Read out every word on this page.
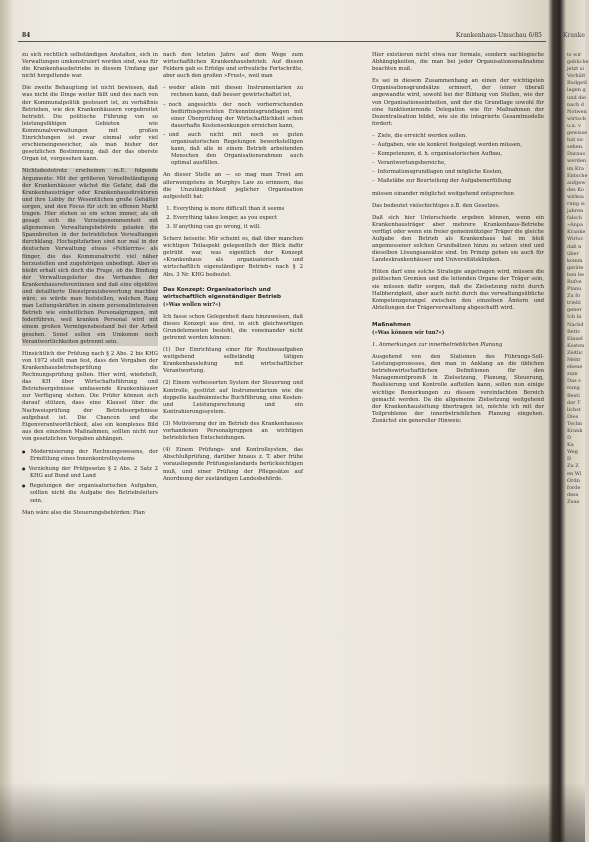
84	Krankenhaus-Umschau 6/85	Kranke

zu sich rechtlich selbständigen Anstalten, sich in Verwaltungen umkonstruiert worden sind, was für die Krankenhausbetriebe in diesem Umfang gar nicht hergeltende war.

Die zweite Behauptung ist nicht bewiesen, daß was nicht die Dinge weiter fällt und des nach von der Kommunalpolitik gesteuert ist, zu verhältnis Betrieben, wie den Krankenhäusern vorgebreitet betriebt. Die politische Führung von so leistungsfähigen Gebieten wie Kommunalverwaltungen mit großen Einrichtungen ist zwar einmal sehr viel erschieneingeweicher, als man bisher der gesetzlichen Bestimmung, daß der das oberste Organ ist, vorgesehen kann.

Nichtsdestotrotz erscheinen m.E. folgende Argumente: Mit der größeren Verselbständigung der Krankenhäuser wächst die Gefahr, daß die Krankenhausträger oder Krankenhausdirektoren und ihre Lobby ihr Wesentlichen große Gehälter sorgen, und den Focus für sich im offenen Markt tragen. Hier stehen so ein schon immer, als ob gesagt sich die Vorzeigenommenheit mit allgemeinen Verwaltungsbehörde geladen die Spannbreiten in der betrieblichen Verwaltungen durchklang. Hochspitzfarben sind nur mal in der deutschen Verwaltung etwas »Fehlerrns« als fünger, die das Kommunalrecht viel näher herzustellen und zugehörigen unbedingt. Aber es bleibt erhalt sich doch die Frage, ob die Bindung der Verwaltungsleiter des Verbandes der Krankenhausreferentinnen und daß eine objektive und detaillierte Dienstpraxisbewertung machbar wäre; so würde man feststellen, welchen Rang man Leitungskräften in einem personalintensiven Betrieb wie einheitlichen Personalgruppen, mit federführen, weil kranken Personal wird mit einem großen Vermögensbestand bei der Arbeit gesehen. Sonst sollen ein Umkomm noch Verantwortlichkeiten getrennt sein.

Hinsichtlich der Prüfung nach § 2 Abs. 2 bis KHG von 1972 stellt man fest, dass den Vorgaben der Krankenhausbetriebsprüfung die Rechnungsprüfung gelten. Hier wird, wiedeholt, das KH über Wirtschaftsführung und Betriebsergebnisse umfassende Krankenhäuser zur Verfügung stehen. Die Prüfer können sich darauf stützen, dass eine Klausel über die Nachweisprüfung der Betriebsergebnisse aufgebaut ist. Die Chancen und die Eigenverantwortlichkeit, also ein komplexes Bild aus den einzelnen Maßnahmen, sollten nicht nur von gesetzlichen Vorgaben abhängen.

● Modernisierung der Rechnungswesens, der Ermittlung eines Innenkontrollsystems
● Vorziehung der Prüfgesetze § 2 Abs. 2 Satz 2 KHG auf Bund und Land
● Regelungen der organisatorischen Aufgaben, sollten nicht die Aufgabe des Betriebsleiters sein.

Man wäre also die Steuerungsbehörden: Plan

nach den letzten Jahre auf dem Wege zum wirtschaftlichen Krankenhausbetrieb. Auf diesen Feldern gab es Erfolge und erfreuliche Fortschritte, aber auch den großen »Frust«, weil man

– weder allein mit diesen Instrumentarien zu rechnen kann, daß besser gewirtschaftet ist,
– noch angesichts der noch vorherrschenden bedürfnisgerechten Erkenntnisgrundlagen mit einer Überprüfung der Wirtschaftlichkeit schon dauerhafte Kostensenkungen erreichen kann,
– und auch nicht mit noch so guten organisatorischen Regelungen bewerkstelligen kann, daß alle in einem Betrieb arbeitenden Menschen den Organisationsrahmen auch optimal ausfüllen.

An dieser Stelle an — so mag man Trost am allerwenigstens in Murphys Law zu erinnern, das die Unzulänglichkeit jeglicher Organisation aufgestellt hat:

1. Everything is more difficult than it seems
2. Everything takes longer, as you expect
3. If anything can go wrong, it will.

Scherz beiseite: Mir scheint es, daß über manchen wichtigen Teilaspekt gelegentlich der Blick dafür getrübt war, was eigentlich der Konzept »Krankenhaus als organisatorisch und wirtschaftlich eigenständiger Betrieb« nach § 2 Abs. 3 Nr. KHG bedeutet.

Das Konzept: Organisatorisch und wirtschaftlich eigenständiger Betrieb

(»Was wollen wir?«)

Ich fasse schon Gelegenheit dazu hinzuweisen, daß dieses Konzept aus drei, in sich gleichwertigen Grundelementen besteht, die voneinander nicht getrennt werden können:

(1) Der Einrichtung einer für Routineaufgaben weitgehend selbständig tätigen Krankenhausleitung mit wirtschaftlicher Verantwortung.

(2) Einem verbesserten System der Steuerung und Kontrolle, gestützt auf Instrumentarium wie die doppelte kaufmännische Buchführung, eine Kosten- und Leistungsrechnung und ein Kontrahierungssystem.

(3) Motivierung der im Betrieb des Krankenhauses vorhandenen Personalgruppen an wichtigen betrieblichen Entscheidungen.

(4) Einem Prüfungs- und Kontrollsystem, das Abschlußprüfung, darüber hinaus z. T. aber frühe vorausliegende Prüfungsstandards berücksichtigen muß, und einer Prüfung der Pflegesätze auf Anordnung der zuständigen Landesbehörde.

Hier existieren nicht etwa nur formale, sondern sachlogische Abhängigkeiten, die man bei jeder Organisationsmaßnahme beachten muß.

Es sei in diesem Zusammenhang an einen der wichtigsten Organisationsgrundsätze erinnert, der (einer überall angewandte wird, sowohl bei der Bildung von Stellen, wie der von Organisationseinheiten, und der die Grundlage sowohl für eine funktionierende Delegation wie für Maßnahmen der Dezentralisation bildet, wie sie die integrierte Gesamtmodelle fordert:

– Ziele, die erreicht werden sollen.
– Aufgaben, wie sie konkret festgelegt werden müssen,
– Kompetenzen, d. h. organisatorischen Aufbau,
– Verantwortungsbereiche,
– Informationsgrundlagen und mögliche Kosten,
– Maßstäbe zur Beurteilung der Aufgabenerfüllung

müssen einander möglichst weitgehend entsprechen

Das bedeutet vielschichtiges z.B. den Gesetzes.

Daß sich hier Unterschiede ergeben können, wenn ein Krankenhausträger aber mehrere Krankenhaus-Betriebe verfügt oder wenn ein freier gemeinnütziger Träger die gleiche Aufgabe den Betrieb als Krankenhaus hat im bloß angemessener solchen Grundsätzen hinzu zu setzen sind und dieselben Lösungsansätze sind. Im Prinzip gehen sie auch für Landeskrankenhäuser und Universitätskliniken.

Hüten darf eine solche Strategie angetragen wird, müssen die politischen Gremien und die leitenden Organe der Träger sein, sie müssen dafür sorgen, daß die Zielsetzung nicht durch Halbherzigkeit, aber auch nicht durch das verwaltungsübliche Kompetenzgerangel zwischen den einzelnen Ämtern und Abteilungen der Trägerverwaltung abgeschafft wird.

Maßnahmen

(»Was können wir tun?«)

1. Anmerkungen zur innerbetrieblichen Planung

Ausgehend von den Stationen des Führungs-Soll-Leistungsprozesses, den man in Anklang an die üblichen betriebswirtschaftlichen Definitionen für den Managementprozeß in Zielsetzung, Planung, Steuerung, Realisierung und Kontrolle aufteilen kann, sollen nun einige wichtige Bemerkungen zu diesem vereinfachten Bereich gemacht werden. Da die allgemeine Zielsetzung weitgehend der Krankenhausleitung übertragen ist, möchte ich mit der Teilprobleme der innerbetrieblichen Planung eingehen. Zunächst ein genereller Hinweis:

ts wir
gebliche
jetzt si
Verhält
Budgetl
lagen g
und die
nach d
Notwen
wirtsch
u.a. v
gewisse
hat sic
sehen.
Daraus
werden
im Kra
Entsche
aufgew
des Ko
wirksa
rung si
jahren
falsch
»Anpa
Kranke
Wirtsc
daß n
über
komm
geräte
ben be
Rufve
Planu
Zu fo
triebl
gener
Ich bi
Nachd
Bettc
Einzel
Kosten
Zeitlic
Mehr
ebene
zum
Das s
nung
Besti
der T
lichst
Dies
Techn
Krank
D
Ka
Weg
D
Zu Z
en Wi
Ordn
forde
dess
Zusa
